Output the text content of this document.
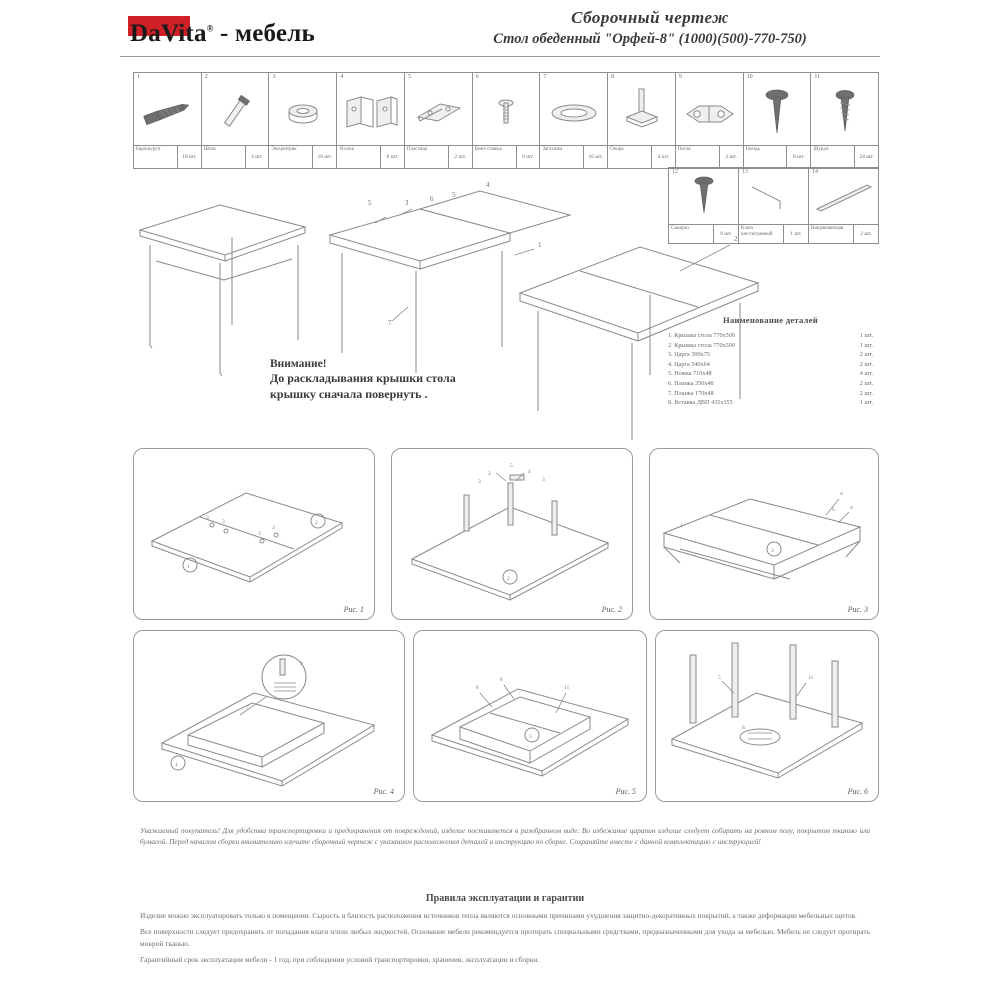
DaVita® - мебель
Сборочный чертеж
Стол обеденный "Орфей-8" (1000)(500)-770-750)
1
Еврошуруп
16 шт.
2
Шток
4 шт.
3
Эксцентрик
16 шт.
4
Уголок
8 шт.
5
Пластина
2 шт.
6
Винт-стяжка
8 шт.
7
Заглушка
16 шт.
8
Опора
4 шт.
9
Петля
2 шт.
10
Гвоздь
8 шт.
11
Шуруп
24 шт.
12
Саморез
8 шт.
13
Ключ шестигранный	1 шт.
14
Направляющая
2 шт.
3	6	5
4
5
7
1
2
Внимание!
До раскладывания крышки стола
крышку сначала повернуть .
Наименование деталей
1. Крышка стола 770х500	1 шт.
2. Крышка стола 770х500	1 шт.
3. Царга 300х75	2 шт.
4. Царга 540х64	2 шт.
5. Ножка 710х48	4 шт.
6. Планка 350х48	2 шт.
7. Планка 170х48	2 шт.
8. Вставка ДВП 435х355	1 шт.
3
3
3
3
2
1
Рис. 1
3
2	4
3
5
2
Рис. 2
4
4
6
1
3
Рис. 3
9
7
1
Рис. 4
8
8
11
5
Рис. 5
5	11
8
Рис. 6
Уважаемый покупатель! Для удобства транспортировки и предохранения от повреждений, изделие поставляется в разобранном виде. Во избежание царапин изделие следует собирать на ровном полу, покрытом тканью или бумагой. Перед началом сборки внимательно изучите сборочный чертеж с указанием расположения деталей и инструкцию по сборке. Сохраняйте вместе с данной комплектацию с инструкцией!
Правила эксплуатации и гарантии

Изделие можно эксплуатировать только в помещении. Сырость и близость расположения источников тепла являются основными причинами ухудшения защитно-декоративных покрытий, а также деформации мебельных щитов.

Все поверхности следует предохранять от попадания влаги и/или любых жидкостей. Основание мебели рекомендуется протирать специальными средствами, предназначенными для ухода за мебелью. Мебель не следует протирать мокрой тканью.

Гарантийный срок эксплуатации мебели - 1 год, при соблюдении условий транспортировки, хранения, эксплуатации и сборки.
